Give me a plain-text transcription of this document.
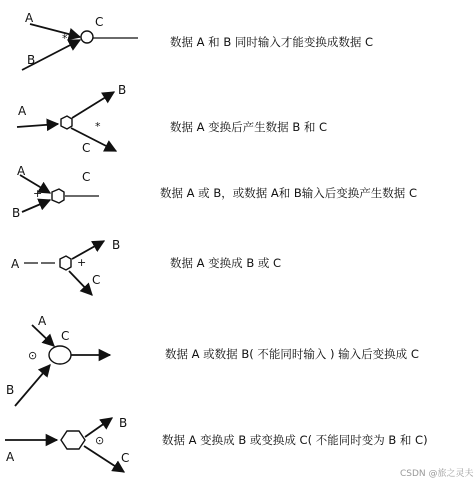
A
B
C
*	数据 A 和 B 同时输入才能变换成数据 C
A
B
C
*	数据 A 变换后产生数据 B 和 C
A
B
C
+	数据 A 或 B，或数据 A和 B输入后变换产生数据 C
A
B
C
+	数据 A 变换成 B 或 C
A
B
C
⊙	数据 A 或数据 B( 不能同时输入 ) 输入后变换成 C
A
B
C
⊙	数据 A 变换成 B 或变换成 C( 不能同时变为 B 和 C)
CSDN @旅之灵夫
